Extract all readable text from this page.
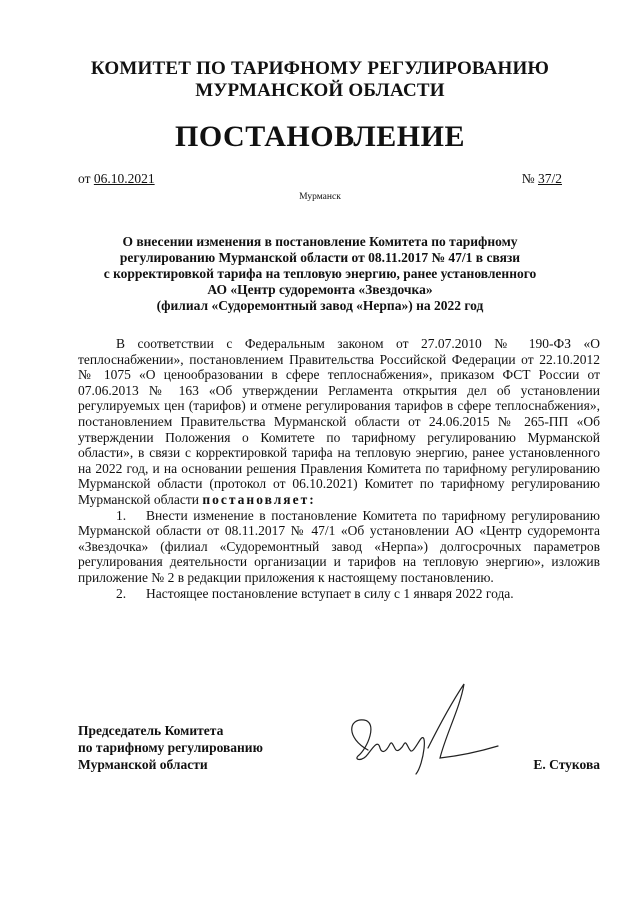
КОМИТЕТ ПО ТАРИФНОМУ РЕГУЛИРОВАНИЮ
МУРМАНСКОЙ ОБЛАСТИ
ПОСТАНОВЛЕНИЕ
от 06.10.2021	№ 37/2
Мурманск
О внесении изменения в постановление Комитета по тарифному
регулированию Мурманской области от 08.11.2017 № 47/1 в связи
с корректировкой тарифа на тепловую энергию, ранее установленного
АО «Центр судоремонта «Звездочка»
(филиал «Судоремонтный завод «Нерпа») на 2022 год

В соответствии с Федеральным законом от 27.07.2010 № 190-ФЗ «О теплоснабжении», постановлением Правительства Российской Федерации от 22.10.2012 № 1075 «О ценообразовании в сфере теплоснабжения», приказом ФСТ России от 07.06.2013 № 163 «Об утверждении Регламента открытия дел об установлении регулируемых цен (тарифов) и отмене регулирования тарифов в сфере теплоснабжения», постановлением Правительства Мурманской области от 24.06.2015 № 265-ПП «Об утверждении Положения о Комитете по тарифному регулированию Мурманской области», в связи с корректировкой тарифа на тепловую энергию, ранее установленного на 2022 год, и на основании решения Правления Комитета по тарифному регулированию Мурманской области (протокол от 06.10.2021) Комитет по тарифному регулированию Мурманской области постановляет:

1. Внести изменение в постановление Комитета по тарифному регулированию Мурманской области от 08.11.2017 № 47/1 «Об установлении АО «Центр судоремонта «Звездочка» (филиал «Судоремонтный завод «Нерпа») долгосрочных параметров регулирования деятельности организации и тарифов на тепловую энергию», изложив приложение № 2 в редакции приложения к настоящему постановлению.

2. Настоящее постановление вступает в силу с 1 января 2022 года.

Председатель Комитета
по тарифному регулированию
Мурманской области	Е. Стукова
